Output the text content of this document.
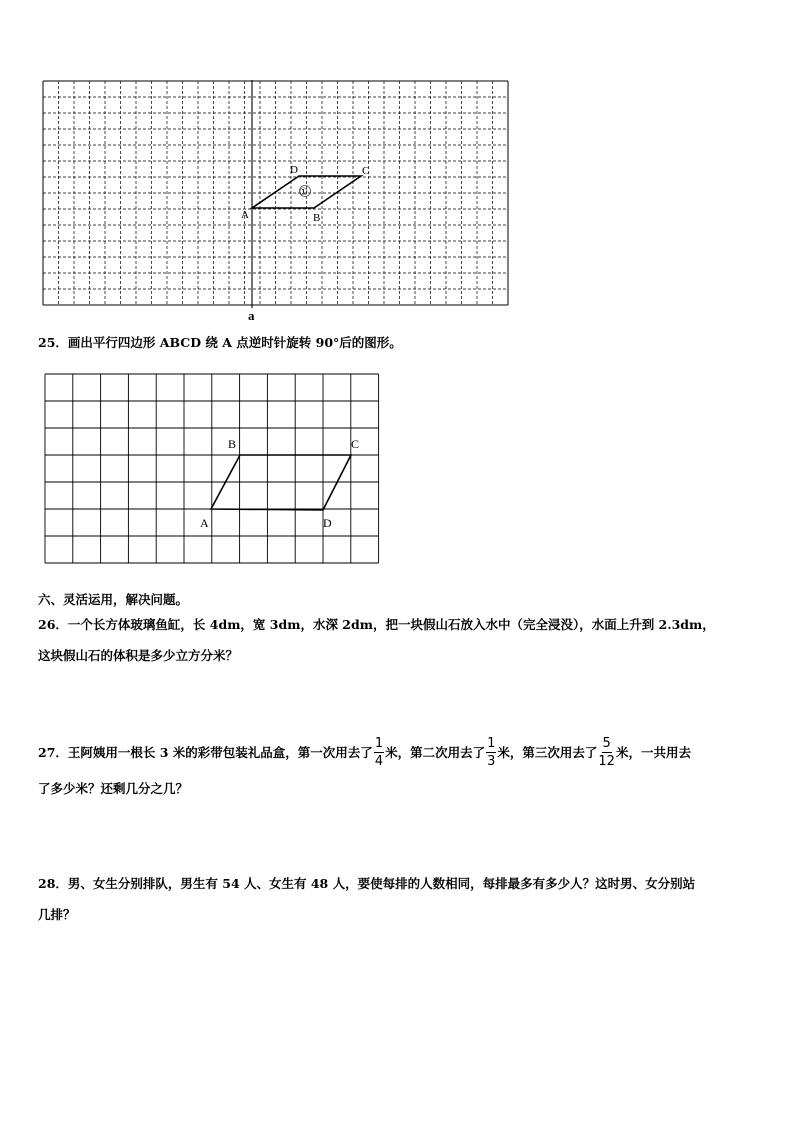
①
A	B
C
D
a
25．画出平行四边形 ABCD 绕 A 点逆时针旋转 90°后的图形。
A
B	C
D
六、灵活运用，解决问题。
26．一个长方体玻璃鱼缸，长 4dm，宽 3dm，水深 2dm，把一块假山石放入水中（完全浸没），水面上升到 2.3dm，
这块假山石的体积是多少立方分米？
27．王阿姨用一根长 3 米的彩带包装礼品盒，第一次用去了 $\frac{1}{4}$ 米，第二次用去了 $\frac{1}{3}$ 米，第三次用去了 $\frac{5}{12}$ 米，一共用去
了多少米？还剩几分之几？
28．男、女生分别排队，男生有 54 人、女生有 48 人，要使每排的人数相同，每排最多有多少人？这时男、女分别站
几排？
